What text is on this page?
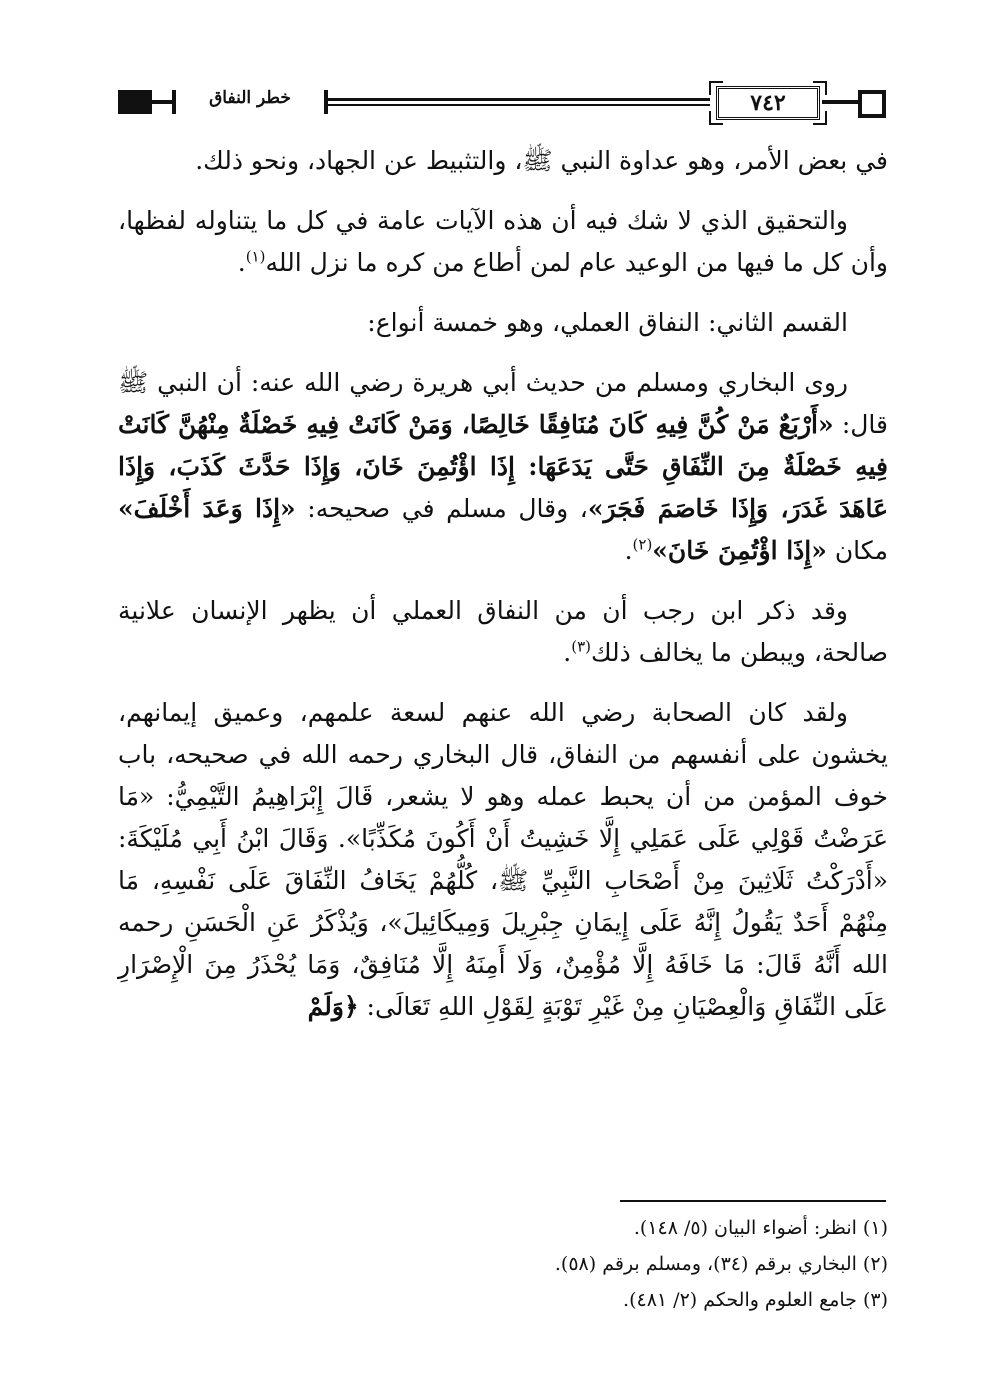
٧٤٢
خطر النفاق

في بعض الأمر، وهو عداوة النبي ﷺ، والتثبيط عن الجهاد، ونحو ذلك.

والتحقيق الذي لا شك فيه أن هذه الآيات عامة في كل ما يتناوله لفظها، وأن كل ما فيها من الوعيد عام لمن أطاع من كره ما نزل الله$^{(١)}$.

القسم الثاني: النفاق العملي، وهو خمسة أنواع:

روى البخاري ومسلم من حديث أبي هريرة رضي الله عنه: أن النبي ﷺ قال: «أَرْبَعٌ مَنْ كُنَّ فِيهِ كَانَ مُنَافِقًا خَالِصًا، وَمَنْ كَانَتْ فِيهِ خَصْلَةٌ مِنْهُنَّ كَانَتْ فِيهِ خَصْلَةٌ مِنَ النِّفَاقِ حَتَّى يَدَعَهَا: إِذَا اؤْتُمِنَ خَانَ، وَإِذَا حَدَّثَ كَذَبَ، وَإِذَا عَاهَدَ غَدَرَ، وَإِذَا خَاصَمَ فَجَرَ»، وقال مسلم في صحيحه: «إِذَا وَعَدَ أَخْلَفَ» مكان «إِذَا اؤْتُمِنَ خَانَ»$^{(٢)}$.

وقد ذكر ابن رجب أن من النفاق العملي أن يظهر الإنسان علانية صالحة، ويبطن ما يخالف ذلك$^{(٣)}$.

ولقد كان الصحابة رضي الله عنهم لسعة علمهم، وعميق إيمانهم، يخشون على أنفسهم من النفاق، قال البخاري رحمه الله في صحيحه، باب خوف المؤمن من أن يحبط عمله وهو لا يشعر، قَالَ إِبْرَاهِيمُ التَّيْمِيُّ: «مَا عَرَضْتُ قَوْلِي عَلَى عَمَلِي إِلَّا خَشِيتُ أَنْ أَكُونَ مُكَذِّبًا». وَقَالَ ابْنُ أَبِي مُلَيْكَةَ: «أَدْرَكْتُ ثَلَاثِينَ مِنْ أَصْحَابِ النَّبِيِّ ﷺ، كُلُّهُمْ يَخَافُ النِّفَاقَ عَلَى نَفْسِهِ، مَا مِنْهُمْ أَحَدٌ يَقُولُ إِنَّهُ عَلَى إِيمَانِ جِبْرِيلَ وَمِيكَائِيلَ»، وَيُذْكَرُ عَنِ الْحَسَنِ رحمه الله أَنَّهُ قَالَ: مَا خَافَهُ إِلَّا مُؤْمِنٌ، وَلَا أَمِنَهُ إِلَّا مُنَافِقٌ، وَمَا يُحْذَرُ مِنَ الْإِصْرَارِ عَلَى النِّفَاقِ وَالْعِصْيَانِ مِنْ غَيْرِ تَوْبَةٍ لِقَوْلِ اللهِ تَعَالَى: ﴿وَلَمْ

(١) انظر: أضواء البيان (٥/ ١٤٨).
(٢) البخاري برقم (٣٤)، ومسلم برقم (٥٨).
(٣) جامع العلوم والحكم (٢/ ٤٨١).
